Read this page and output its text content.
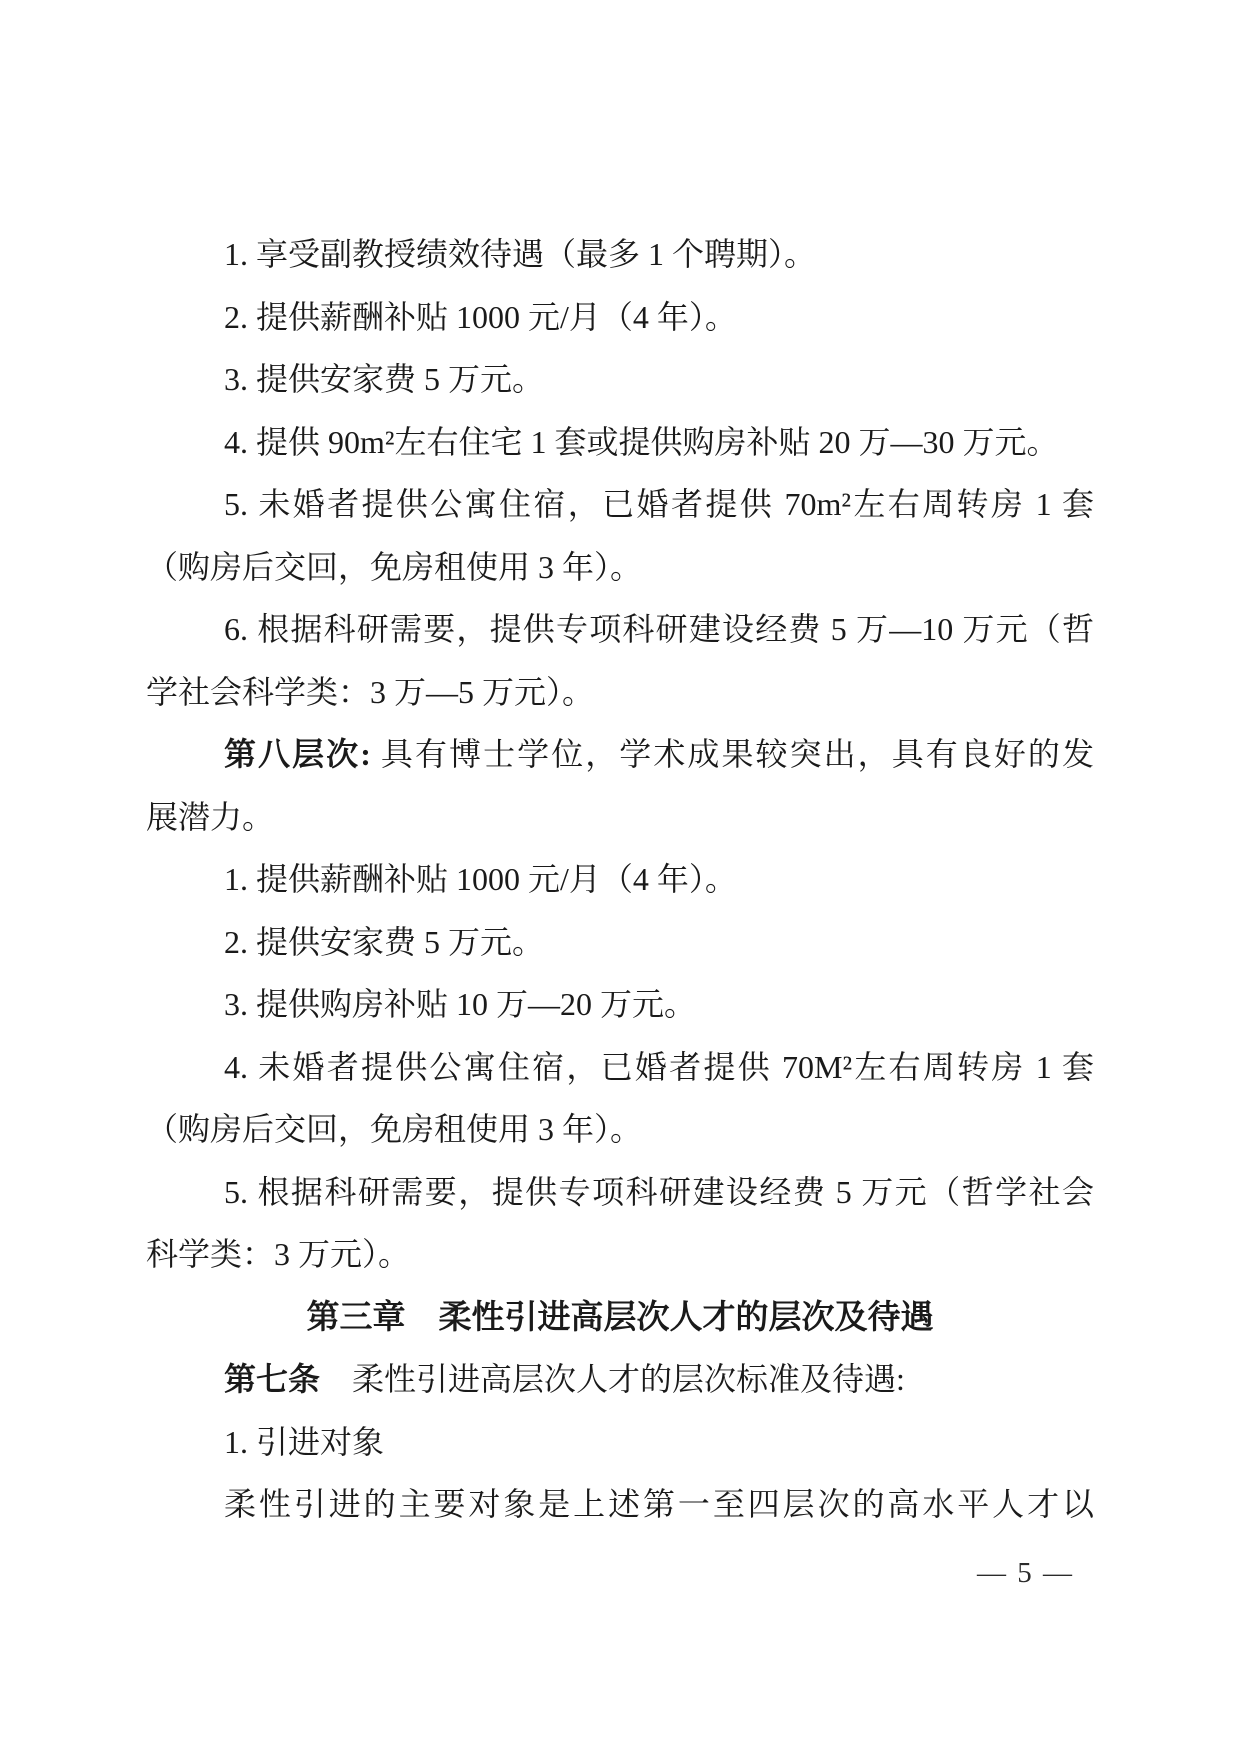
1. 享受副教授绩效待遇（最多 1 个聘期）。

2. 提供薪酬补贴 1000 元/月（4 年）。

3. 提供安家费 5 万元。

4. 提供 90m²左右住宅 1 套或提供购房补贴 20 万—30 万元。

5. 未婚者提供公寓住宿，已婚者提供 70m²左右周转房 1 套

（购房后交回，免房租使用 3 年）。

6. 根据科研需要，提供专项科研建设经费 5 万—10 万元（哲

学社会科学类：3 万—5 万元）。

第八层次: 具有博士学位，学术成果较突出，具有良好的发

展潜力。

1. 提供薪酬补贴 1000 元/月（4 年）。

2. 提供安家费 5 万元。

3. 提供购房补贴 10 万—20 万元。

4. 未婚者提供公寓住宿，已婚者提供 70M²左右周转房 1 套

（购房后交回，免房租使用 3 年）。

5. 根据科研需要，提供专项科研建设经费 5 万元（哲学社会

科学类：3 万元）。

第三章　柔性引进高层次人才的层次及待遇

第七条　柔性引进高层次人才的层次标准及待遇:

1. 引进对象

柔性引进的主要对象是上述第一至四层次的高水平人才以

— 5 —
